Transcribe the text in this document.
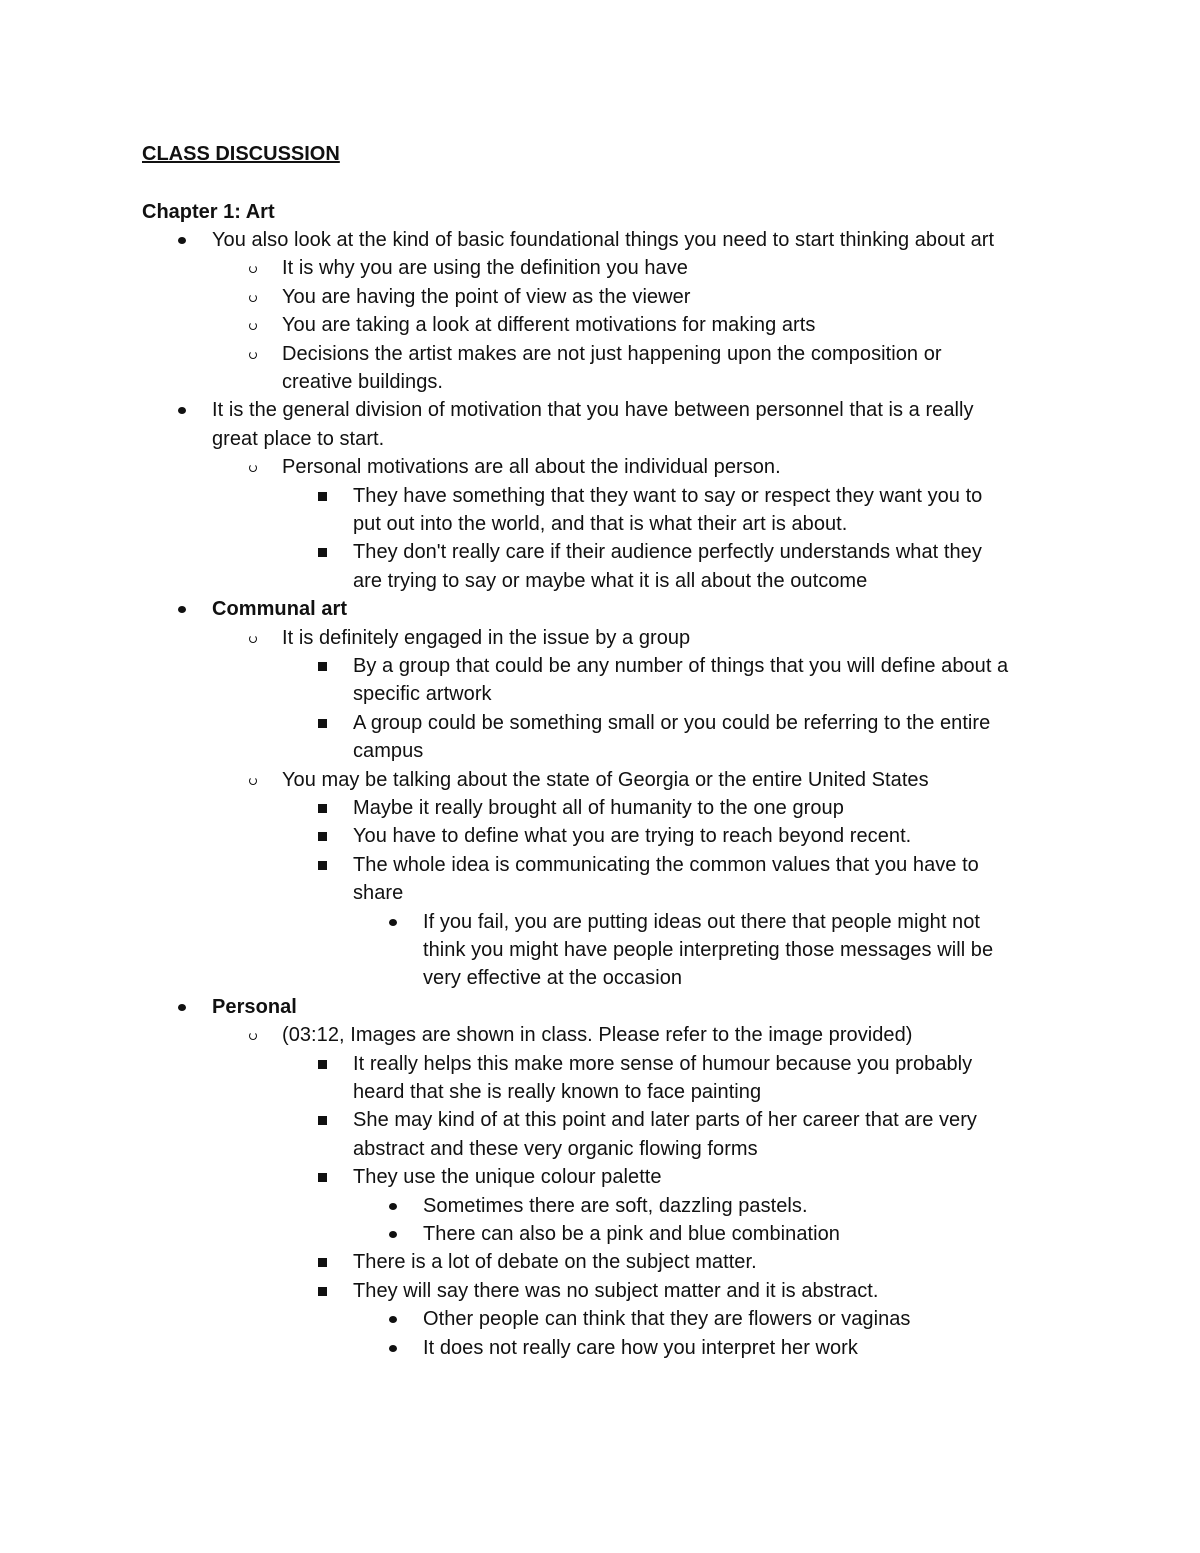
CLASS DISCUSSION
Chapter 1: Art
You also look at the kind of basic foundational things you need to start thinking about art
It is why you are using the definition you have
You are having the point of view as the viewer
You are taking a look at different motivations for making arts
Decisions the artist makes are not just happening upon the composition or
creative buildings.
It is the general division of motivation that you have between personnel that is a really
great place to start.
Personal motivations are all about the individual person.
They have something that they want to say or respect they want you to
put out into the world, and that is what their art is about.
They don't really care if their audience perfectly understands what they
are trying to say or maybe what it is all about the outcome
Communal art
It is definitely engaged in the issue by a group
By a group that could be any number of things that you will define about a
specific artwork
A group could be something small or you could be referring to the entire
campus
You may be talking about the state of Georgia or the entire United States
Maybe it really brought all of humanity to the one group
You have to define what you are trying to reach beyond recent.
The whole idea is communicating the common values that you have to
share
If you fail, you are putting ideas out there that people might not
think you might have people interpreting those messages will be
very effective at the occasion
Personal
(03:12, Images are shown in class. Please refer to the image provided)
It really helps this make more sense of humour because you probably
heard that she is really known to face painting
She may kind of at this point and later parts of her career that are very
abstract and these very organic flowing forms
They use the unique colour palette
Sometimes there are soft, dazzling pastels.
There can also be a pink and blue combination
There is a lot of debate on the subject matter.
They will say there was no subject matter and it is abstract.
Other people can think that they are flowers or vaginas
It does not really care how you interpret her work
